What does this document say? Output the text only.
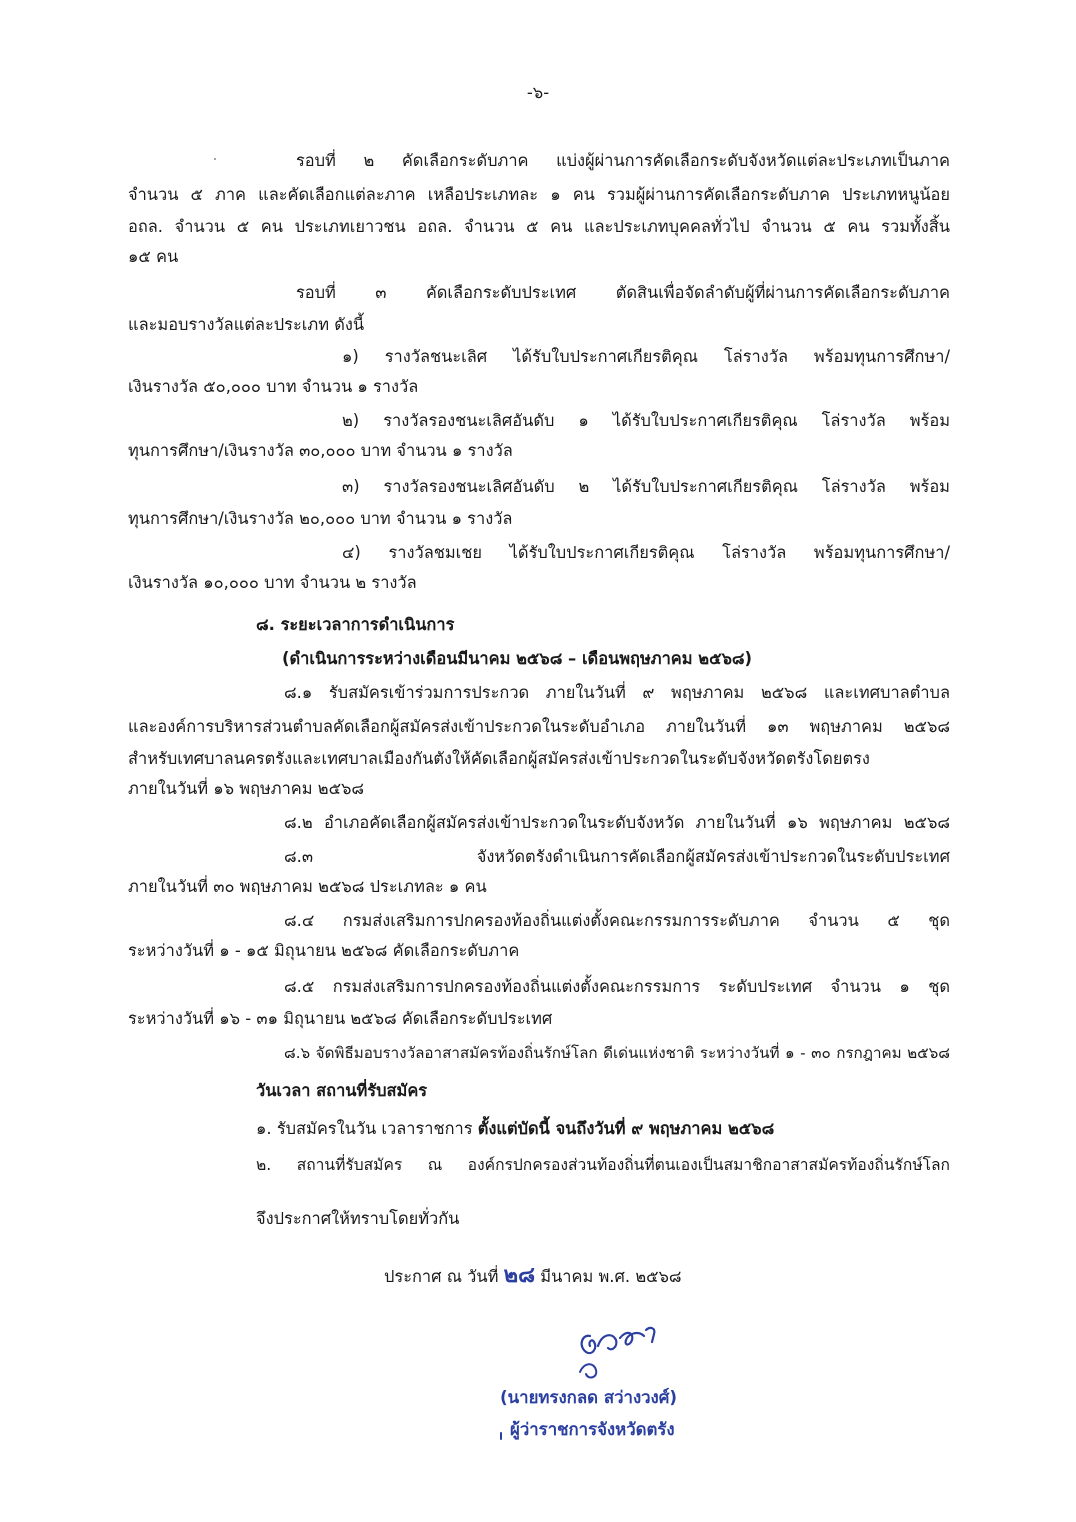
-๖-

รอบที่ ๒ คัดเลือกระดับภาค แบ่งผู้ผ่านการคัดเลือกระดับจังหวัดแต่ละประเภทเป็นภาค

จำนวน ๕ ภาค และคัดเลือกแต่ละภาค เหลือประเภทละ ๑ คน รวมผู้ผ่านการคัดเลือกระดับภาค ประเภทหนูน้อย

อถล. จำนวน ๕ คน ประเภทเยาวชน อถล. จำนวน ๕ คน และประเภทบุคคลทั่วไป จำนวน ๕ คน รวมทั้งสิ้น

๑๕ คน

รอบที่ ๓ คัดเลือกระดับประเทศ ตัดสินเพื่อจัดลำดับผู้ที่ผ่านการคัดเลือกระดับภาค

และมอบรางวัลแต่ละประเภท ดังนี้

๑) รางวัลชนะเลิศ ได้รับใบประกาศเกียรติคุณ โล่รางวัล พร้อมทุนการศึกษา/

เงินรางวัล ๕๐,๐๐๐ บาท จำนวน ๑ รางวัล

๒) รางวัลรองชนะเลิศอันดับ ๑ ได้รับใบประกาศเกียรติคุณ โล่รางวัล พร้อม

ทุนการศึกษา/เงินรางวัล ๓๐,๐๐๐ บาท จำนวน ๑ รางวัล

๓) รางวัลรองชนะเลิศอันดับ ๒ ได้รับใบประกาศเกียรติคุณ โล่รางวัล พร้อม

ทุนการศึกษา/เงินรางวัล ๒๐,๐๐๐ บาท จำนวน ๑ รางวัล

๔) รางวัลชมเชย ได้รับใบประกาศเกียรติคุณ โล่รางวัล พร้อมทุนการศึกษา/

เงินรางวัล ๑๐,๐๐๐ บาท จำนวน ๒ รางวัล

๘. ระยะเวลาการดำเนินการ

(ดำเนินการระหว่างเดือนมีนาคม ๒๕๖๘ – เดือนพฤษภาคม ๒๕๖๘)

๘.๑ รับสมัครเข้าร่วมการประกวด ภายในวันที่ ๙ พฤษภาคม ๒๕๖๘ และเทศบาลตำบล

และองค์การบริหารส่วนตำบลคัดเลือกผู้สมัครส่งเข้าประกวดในระดับอำเภอ ภายในวันที่ ๑๓ พฤษภาคม ๒๕๖๘

สำหรับเทศบาลนครตรังและเทศบาลเมืองกันตังให้คัดเลือกผู้สมัครส่งเข้าประกวดในระดับจังหวัดตรังโดยตรง

ภายในวันที่ ๑๖ พฤษภาคม ๒๕๖๘

๘.๒ อำเภอคัดเลือกผู้สมัครส่งเข้าประกวดในระดับจังหวัด ภายในวันที่ ๑๖ พฤษภาคม ๒๕๖๘

๘.๓ จังหวัดตรังดำเนินการคัดเลือกผู้สมัครส่งเข้าประกวดในระดับประเทศ

ภายในวันที่ ๓๐ พฤษภาคม ๒๕๖๘ ประเภทละ ๑ คน

๘.๔ กรมส่งเสริมการปกครองท้องถิ่นแต่งตั้งคณะกรรมการระดับภาค จำนวน ๕ ชุด

ระหว่างวันที่ ๑ - ๑๕ มิถุนายน ๒๕๖๘ คัดเลือกระดับภาค

๘.๕ กรมส่งเสริมการปกครองท้องถิ่นแต่งตั้งคณะกรรมการ ระดับประเทศ จำนวน ๑ ชุด

ระหว่างวันที่ ๑๖ - ๓๑ มิถุนายน ๒๕๖๘ คัดเลือกระดับประเทศ

๘.๖ จัดพิธีมอบรางวัลอาสาสมัครท้องถิ่นรักษ์โลก ดีเด่นแห่งชาติ ระหว่างวันที่ ๑ - ๓๐ กรกฎาคม ๒๕๖๘

วันเวลา สถานที่รับสมัคร

๑. รับสมัครในวัน เวลาราชการ ตั้งแต่บัดนี้ จนถึงวันที่ ๙ พฤษภาคม ๒๕๖๘

๒. สถานที่รับสมัคร ณ องค์กรปกครองส่วนท้องถิ่นที่ตนเองเป็นสมาชิกอาสาสมัครท้องถิ่นรักษ์โลก

จึงประกาศให้ทราบโดยทั่วกัน

ประกาศ ณ วันที่ ๒๘ มีนาคม พ.ศ. ๒๕๖๘

(นายทรงกลด สว่างวงศ์)

ผู้ว่าราชการจังหวัดตรัง
